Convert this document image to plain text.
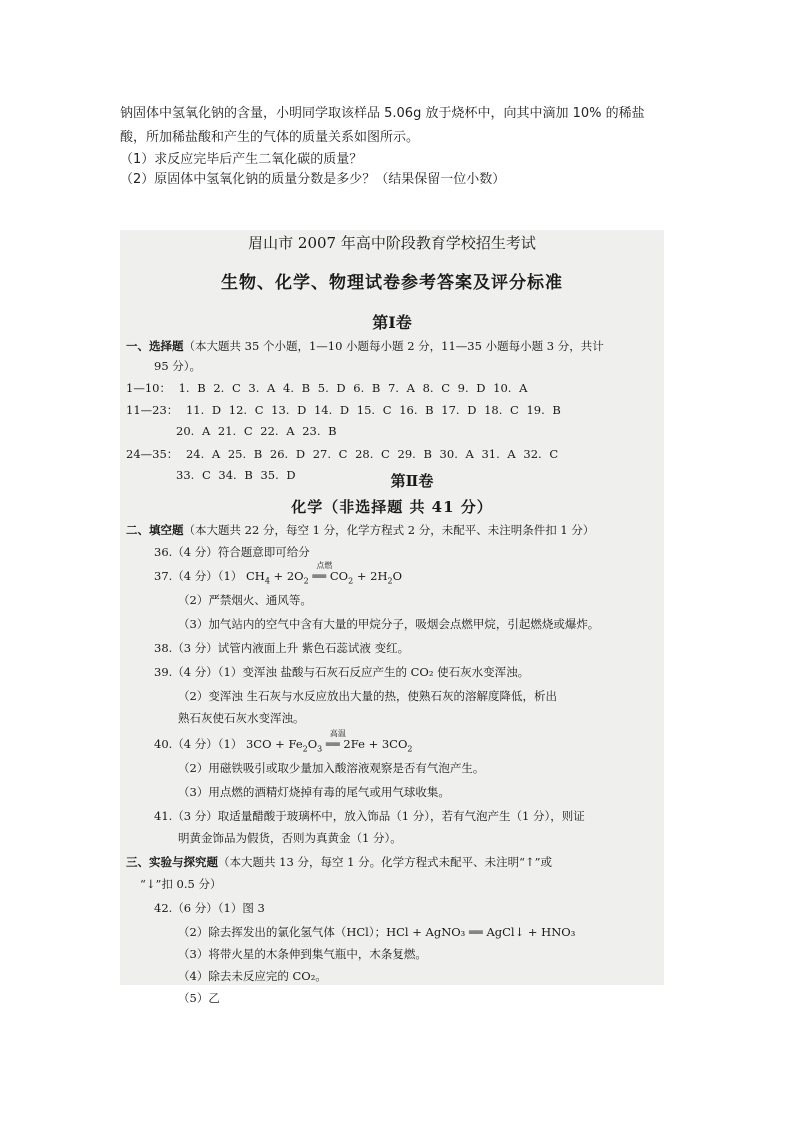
钠固体中氢氧化钠的含量，小明同学取该样品 5.06g 放于烧杯中，向其中滴加 10% 的稀盐

酸，所加稀盐酸和产生的气体的质量关系如图所示。

（1）求反应完毕后产生二氧化碳的质量？

（2）原固体中氢氧化钠的质量分数是多少？（结果保留一位小数）

眉山市 2007 年高中阶段教育学校招生考试
生物、化学、物理试卷参考答案及评分标准
第Ⅰ卷
一、选择题（本大题共 35 个小题，1—10 小题每小题 2 分，11—35 小题每小题 3 分，共计
95 分）。
1—10： 1. B 2. C 3. A 4. B 5. D 6. B 7. A 8. C 9. D 10. A
11—23： 11. D 12. C 13. D 14. D 15. C 16. B 17. D 18. C 19. B
20. A 21. C 22. A 23. B
24—35： 24. A 25. B 26. D 27. C 28. C 29. B 30. A 31. A 32. C
33. C 34. B 35. D	第Ⅱ卷
化学（非选择题 共 41 分）
二、填空题（本大题共 22 分，每空 1 分，化学方程式 2 分，未配平、未注明条件扣 1 分）
36.（4 分）符合题意即可给分
37.（4 分）（1） $CH_4 + 2O_2$
点燃
══ $CO_2 + 2H_2O$
（2）严禁烟火、通风等。
（3）加气站内的空气中含有大量的甲烷分子，吸烟会点燃甲烷，引起燃烧或爆炸。
38.（3 分）试管内液面上升 紫色石蕊试液 变红。
39.（4 分）（1）变浑浊 盐酸与石灰石反应产生的 CO₂ 使石灰水变浑浊。
（2）变浑浊 生石灰与水反应放出大量的热，使熟石灰的溶解度降低，析出
熟石灰使石灰水变浑浊。
40.（4 分）（1） $3CO + Fe_2O_3$
高温
══ $2Fe + 3CO_2$
（2）用磁铁吸引或取少量加入酸溶液观察是否有气泡产生。
（3）用点燃的酒精灯烧掉有毒的尾气或用气球收集。
41.（3 分）取适量醋酸于玻璃杯中，放入饰品（1 分），若有气泡产生（1 分），则证
明黄金饰品为假货，否则为真黄金（1 分）。
三、实验与探究题（本大题共 13 分，每空 1 分。化学方程式未配平、未注明“↑”或
“↓”扣 0.5 分）
42.（6 分）（1）图 3
（2）除去挥发出的氯化氢气体（HCl）；HCl + AgNO₃ ══ AgCl↓ + HNO₃
（3）将带火星的木条伸到集气瓶中，木条复燃。
（4）除去未反应完的 CO₂。
（5）乙
